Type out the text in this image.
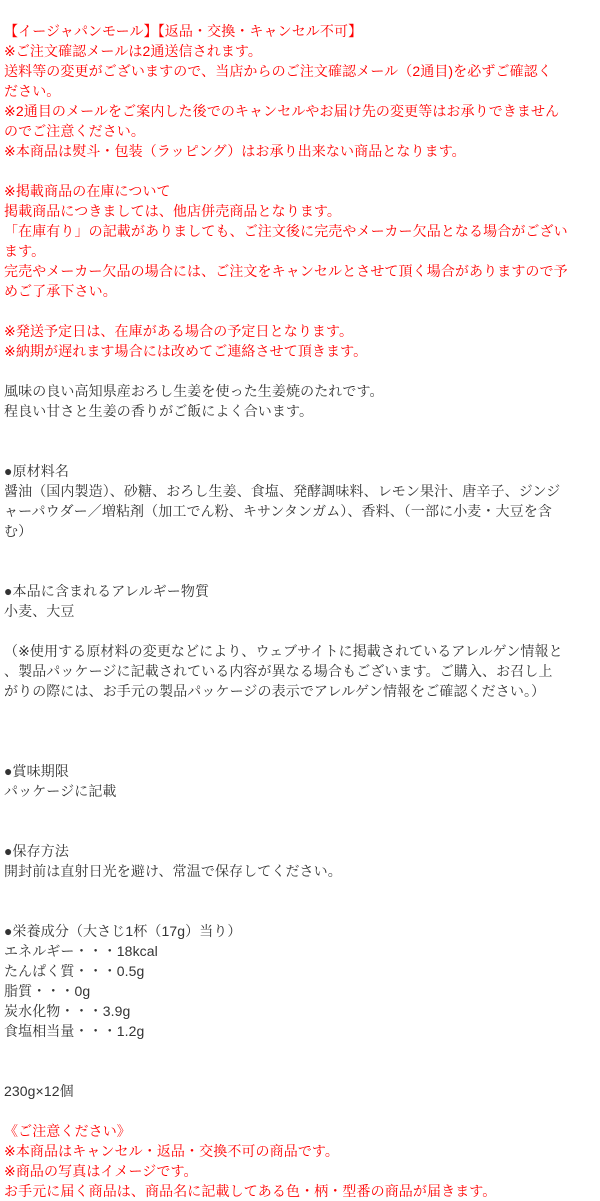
【イージャパンモール】【返品・交換・キャンセル不可】
※ご注文確認メールは2通送信されます。
送料等の変更がございますので、当店からのご注文確認メール（2通目)を必ずご確認く
ださい。
※2通目のメールをご案内した後でのキャンセルやお届け先の変更等はお承りできません
のでご注意ください。
※本商品は熨斗・包装（ラッピング）はお承り出来ない商品となります。
※掲載商品の在庫について
掲載商品につきましては、他店併売商品となります。
「在庫有り」の記載がありましても、ご注文後に完売やメーカー欠品となる場合がござい
ます。
完売やメーカー欠品の場合には、ご注文をキャンセルとさせて頂く場合がありますので予
めご了承下さい。
※発送予定日は、在庫がある場合の予定日となります。
※納期が遅れます場合には改めてご連絡させて頂きます。
風味の良い高知県産おろし生姜を使った生姜焼のたれです。
程良い甘さと生姜の香りがご飯によく合います。
●原材料名
醤油（国内製造）、砂糖、おろし生姜、食塩、発酵調味料、レモン果汁、唐辛子、ジンジ
ャーパウダー／増粘剤（加工でん粉、キサンタンガム）、香料、（一部に小麦・大豆を含
む）
●本品に含まれるアレルギー物質
小麦、大豆
（※使用する原材料の変更などにより、ウェブサイトに掲載されているアレルゲン情報と
、製品パッケージに記載されている内容が異なる場合もございます。ご購入、お召し上
がりの際には、お手元の製品パッケージの表示でアレルゲン情報をご確認ください。）
●賞味期限
パッケージに記載
●保存方法
開封前は直射日光を避け、常温で保存してください。
●栄養成分（大さじ1杯（17g）当り）
エネルギー・・・18kcal
たんぱく質・・・0.5g
脂質・・・0g
炭水化物・・・3.9g
食塩相当量・・・1.2g
230g×12個
《ご注意ください》
※本商品はキャンセル・返品・交換不可の商品です。
※商品の写真はイメージです。
お手元に届く商品は、商品名に記載してある色・柄・型番の商品が届きます。
